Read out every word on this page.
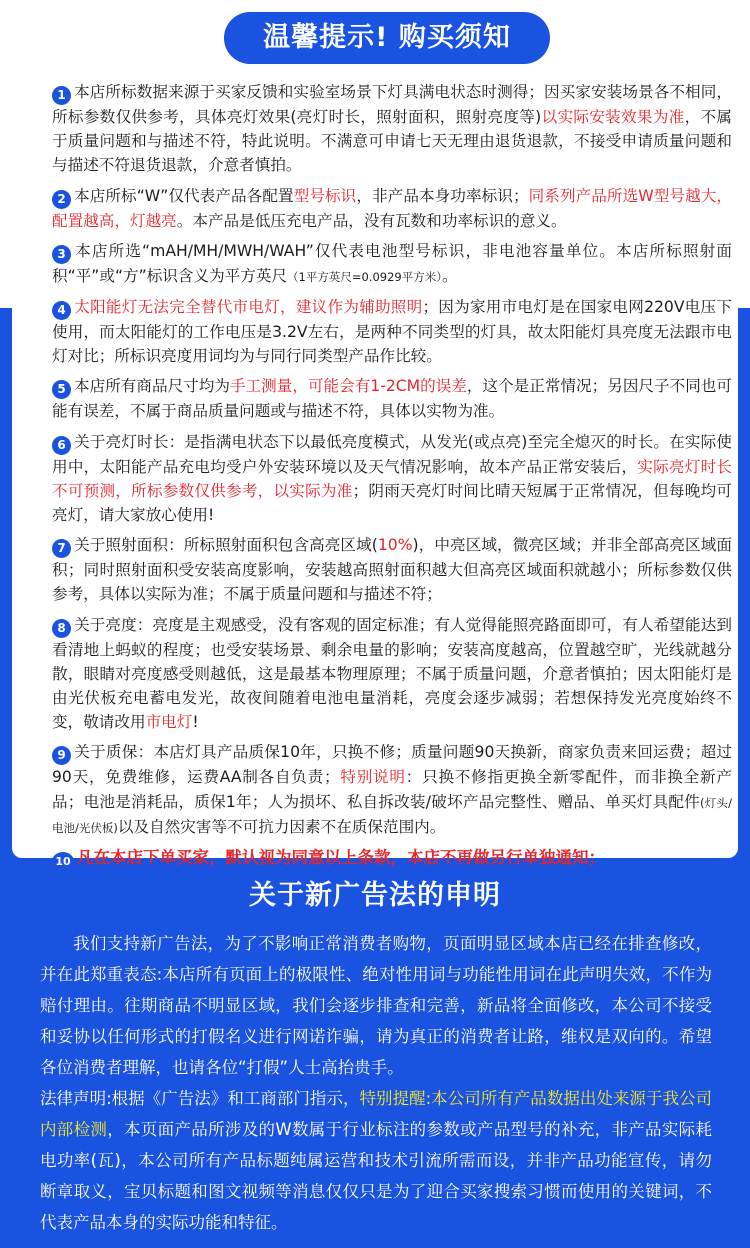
温馨提示! 购买须知
1 本店所标数据来源于买家反馈和实验室场景下灯具满电状态时测得；因买家安装场景各不相同，所标参数仅供参考，具体亮灯效果(亮灯时长，照射面积，照射亮度等)以实际安装效果为准，不属于质量问题和与描述不符，特此说明。不满意可申请七天无理由退货退款，不接受申请质量问题和与描述不符退货退款，介意者慎拍。
2 本店所标“W”仅代表产品各配置型号标识，非产品本身功率标识；同系列产品所选W型号越大，配置越高，灯越亮。本产品是低压充电产品，没有瓦数和功率标识的意义。
3 本店所选“mAH/MH/MWH/WAH”仅代表电池型号标识，非电池容量单位。本店所标照射面积“平”或“方”标识含义为平方英尺（1平方英尺=0.0929平方米）。
4 太阳能灯无法完全替代市电灯，建议作为辅助照明；因为家用市电灯是在国家电网220V电压下使用，而太阳能灯的工作电压是3.2V左右，是两种不同类型的灯具，故太阳能灯具亮度无法跟市电灯对比；所标识亮度用词均为与同行同类型产品作比较。
5 本店所有商品尺寸均为手工测量，可能会有1-2CM的误差，这个是正常情况；另因尺子不同也可能有误差，不属于商品质量问题或与描述不符，具体以实物为准。
6 关于亮灯时长：是指满电状态下以最低亮度模式，从发光(或点亮)至完全熄灭的时长。在实际使用中，太阳能产品充电均受户外安装环境以及天气情况影响，故本产品正常安装后，实际亮灯时长不可预测，所标参数仅供参考，以实际为准；阴雨天亮灯时间比晴天短属于正常情况，但每晚均可亮灯，请大家放心使用!
7 关于照射面积：所标照射面积包含高亮区域(10%)，中亮区域，微亮区域；并非全部高亮区域面积；同时照射面积受安装高度影响，安装越高照射面积越大但高亮区域面积就越小；所标参数仅供参考，具体以实际为准；不属于质量问题和与描述不符；
8 关于亮度：亮度是主观感受，没有客观的固定标准；有人觉得能照亮路面即可，有人希望能达到看清地上蚂蚁的程度；也受安装场景、剩余电量的影响；安装高度越高，位置越空旷，光线就越分散，眼睛对亮度感受则越低，这是最基本物理原理；不属于质量问题，介意者慎拍；因太阳能灯是由光伏板充电蓄电发光，故夜间随着电池电量消耗，亮度会逐步减弱；若想保持发光亮度始终不变，敬请改用市电灯!
9 关于质保：本店灯具产品质保10年，只换不修；质量问题90天换新，商家负责来回运费；超过90天，免费维修，运费AA制各自负责；特别说明：只换不修指更换全新零配件，而非换全新产品；电池是消耗品，质保1年；人为损坏、私自拆改装/破坏产品完整性、赠品、单买灯具配件(灯头/电池/光伏板)以及自然灾害等不可抗力因素不在质保范围内。
10 凡在本店下单买家，默认视为同意以上条款，本店不再做另行单独通知；
关于新广告法的申明
我们支持新广告法，为了不影响正常消费者购物，页面明显区域本店已经在排查修改，并在此郑重表态:本店所有页面上的极限性、绝对性用词与功能性用词在此声明失效，不作为赔付理由。往期商品不明显区域，我们会逐步排查和完善，新品将全面修改，本公司不接受和妥协以任何形式的打假名义进行网诺诈骗，请为真正的消费者让路，维权是双向的。希望各位消费者理解，也请各位“打假”人士高抬贵手。
法律声明:根据《广告法》和工商部门指示，特别提醒:本公司所有产品数据出处来源于我公司内部检测，本页面产品所涉及的W数属于行业标注的参数或产品型号的补充，非产品实际耗电功率(瓦)，本公司所有产品标题纯属运营和技术引流所需而设，并非产品功能宣传，请勿断章取义，宝贝标题和图文视频等消息仅仅只是为了迎合买家搜索习惯而使用的关键词，不代表产品本身的实际功能和特征。
